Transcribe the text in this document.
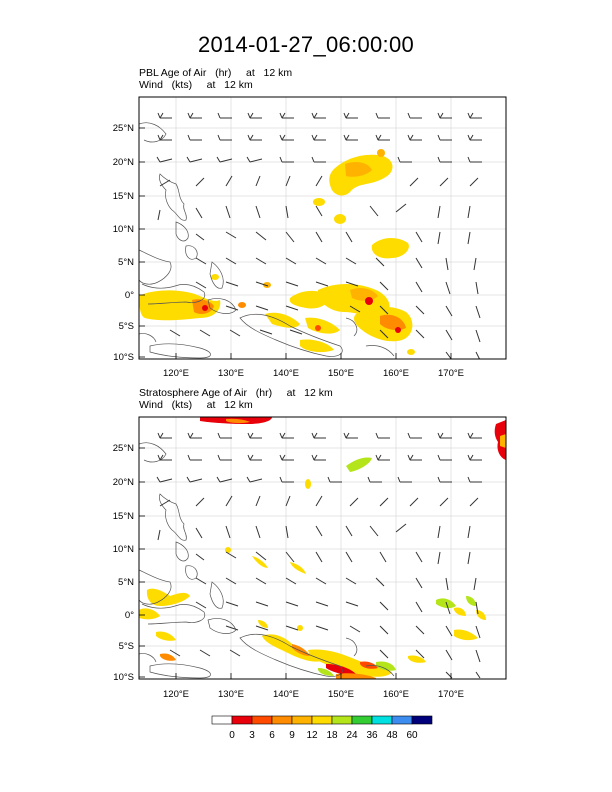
2014-01-27_06:00:00
PBL Age of Air   (hr)     at   12 km
Wind   (kts)     at   12 km
Stratosphere Age of Air   (hr)     at   12 km
Wind   (kts)     at   12 km
25°N
20°N
15°N
10°N
5°N
0°
5°S
10°S
120°E	130°E	140°E	150°E	160°E	170°E
25°N
20°N
15°N
10°N
5°N
0°
5°S
10°S
120°E	130°E	140°E	150°E	160°E	170°E
0 3 6 9 12 18 24 36 48 60
